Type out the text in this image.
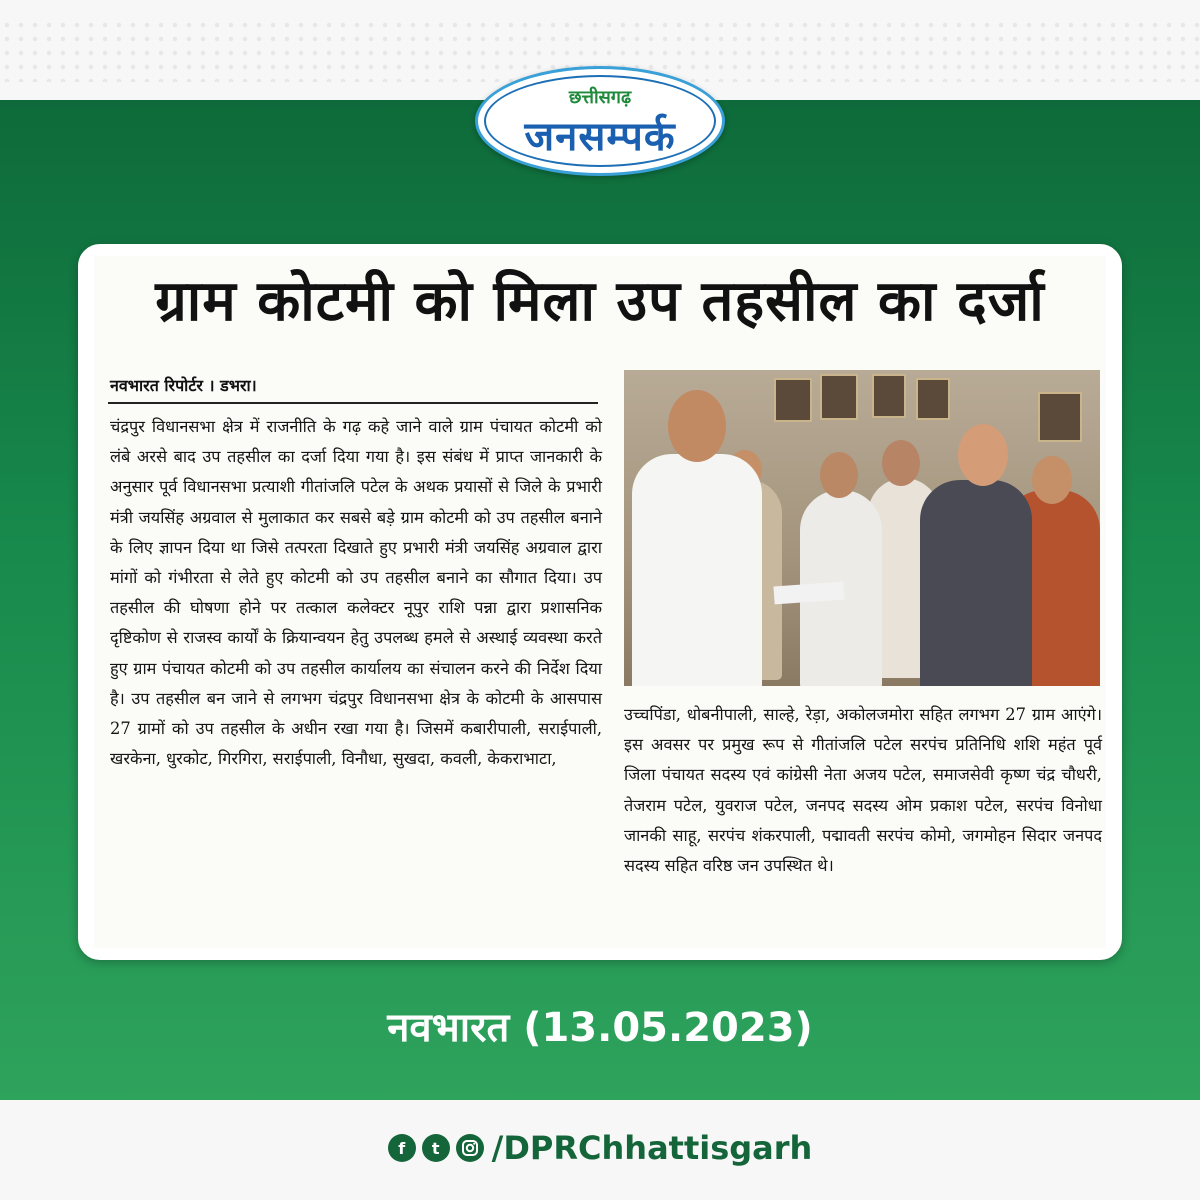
छत्तीसगढ़
जनसम्पर्क
ग्राम कोटमी को मिला उप तहसील का दर्जा
नवभारत रिपोर्टर । डभरा।
चंद्रपुर विधानसभा क्षेत्र में राजनीति के गढ़ कहे जाने वाले ग्राम पंचायत कोटमी को लंबे अरसे बाद उप तहसील का दर्जा दिया गया है। इस संबंध में प्राप्त जानकारी के अनुसार पूर्व विधानसभा प्रत्याशी गीतांजलि पटेल के अथक प्रयासों से जिले के प्रभारी मंत्री जयसिंह अग्रवाल से मुलाकात कर सबसे बड़े ग्राम कोटमी को उप तहसील बनाने के लिए ज्ञापन दिया था जिसे तत्परता दिखाते हुए प्रभारी मंत्री जयसिंह अग्रवाल द्वारा मांगों को गंभीरता से लेते हुए कोटमी को उप तहसील बनाने का सौगात दिया। उप तहसील की घोषणा होने पर तत्काल कलेक्टर नूपुर राशि पन्ना द्वारा प्रशासनिक दृष्टिकोण से राजस्व कार्यों के क्रियान्वयन हेतु उपलब्ध हमले से अस्थाई व्यवस्था करते हुए ग्राम पंचायत कोटमी को उप तहसील कार्यालय का संचालन करने की निर्देश दिया है। उप तहसील बन जाने से लगभग चंद्रपुर विधानसभा क्षेत्र के कोटमी के आसपास 27 ग्रामों को उप तहसील के अधीन रखा गया है। जिसमें कबारीपाली, सराईपाली, खरकेना, धुरकोट, गिरगिरा, सराईपाली, विनौधा, सुखदा, कवली, केकराभाटा,
उच्चपिंडा, धोबनीपाली, साल्हे, रेड़ा, अकोलजमोरा सहित लगभग 27 ग्राम आएंगे। इस अवसर पर प्रमुख रूप से गीतांजलि पटेल सरपंच प्रतिनिधि शशि महंत पूर्व जिला पंचायत सदस्य एवं कांग्रेसी नेता अजय पटेल, समाजसेवी कृष्ण चंद्र चौधरी, तेजराम पटेल, युवराज पटेल, जनपद सदस्य ओम प्रकाश पटेल, सरपंच विनोधा जानकी साहू, सरपंच शंकरपाली, पद्मावती सरपंच कोमो, जगमोहन सिदार जनपद सदस्य सहित वरिष्ठ जन उपस्थित थे।
नवभारत (13.05.2023)
f	t	/DPRChhattisgarh
